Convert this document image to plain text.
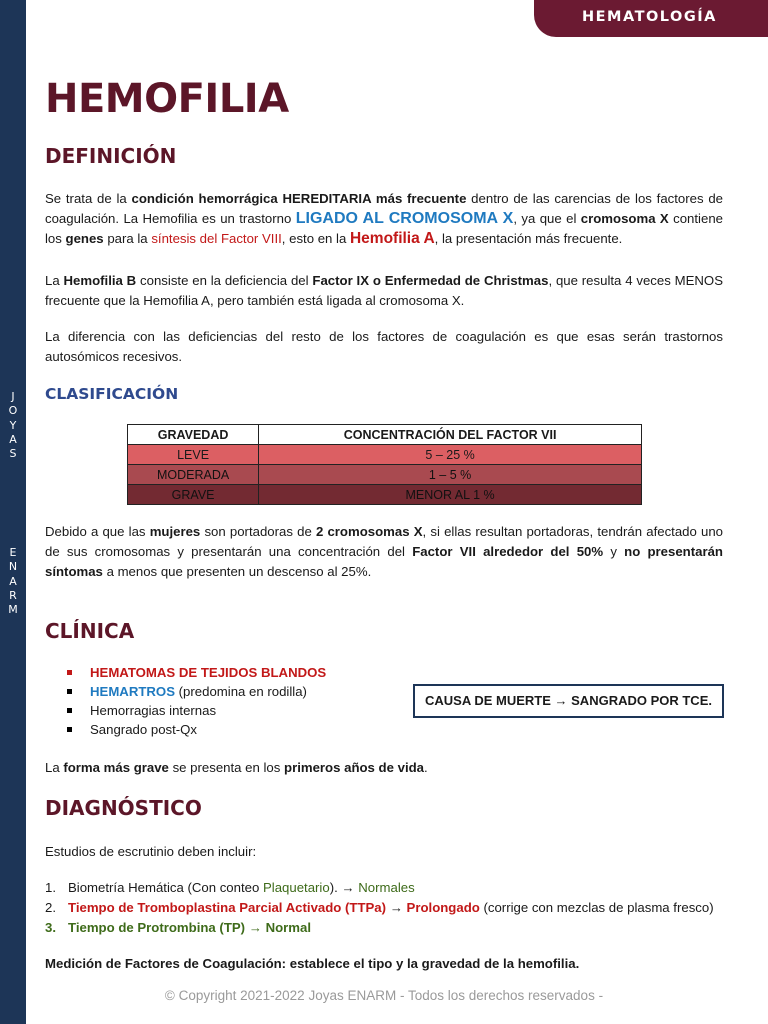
J
O
Y
A
S
E
N
A
R
M
HEMATOLOGÍA
HEMOFILIA
DEFINICIÓN

Se trata de la condición hemorrágica HEREDITARIA más frecuente dentro de las carencias de los factores de coagulación. La Hemofilia es un trastorno LIGADO AL CROMOSOMA X, ya que el cromosoma X contiene los genes para la síntesis del Factor VIII, esto en la Hemofilia A, la presentación más frecuente.

La Hemofilia B consiste en la deficiencia del Factor IX o Enfermedad de Christmas, que resulta 4 veces MENOS frecuente que la Hemofilia A, pero también está ligada al cromosoma X.

La diferencia con las deficiencias del resto de los factores de coagulación es que esas serán trastornos autosómicos recesivos.

CLASIFICACIÓN
GRAVEDAD	CONCENTRACIÓN DEL FACTOR VII
LEVE	5 – 25 %
MODERADA	1 – 5 %
GRAVE	MENOR AL 1 %

Debido a que las mujeres son portadoras de 2 cromosomas X, si ellas resultan portadoras, tendrán afectado uno de sus cromosomas y presentarán una concentración del Factor VII alrededor del 50% y no presentarán síntomas a menos que presenten un descenso al 25%.

CLÍNICA
HEMATOMAS DE TEJIDOS BLANDOS
HEMARTROS (predomina en rodilla)
Hemorragias internas
Sangrado post-Qx
CAUSA DE MUERTE → SANGRADO POR TCE.

La forma más grave se presenta en los primeros años de vida.

DIAGNÓSTICO

Estudios de escrutinio deben incluir:

1. Biometría Hemática (Con conteo Plaquetario). → Normales
2. Tiempo de Tromboplastina Parcial Activado (TTPa) → Prolongado (corrige con mezclas de plasma fresco)
3. Tiempo de Protrombina (TP) → Normal

Medición de Factores de Coagulación: establece el tipo y la gravedad de la hemofilia.

© Copyright 2021-2022 Joyas ENARM - Todos los derechos reservados -
